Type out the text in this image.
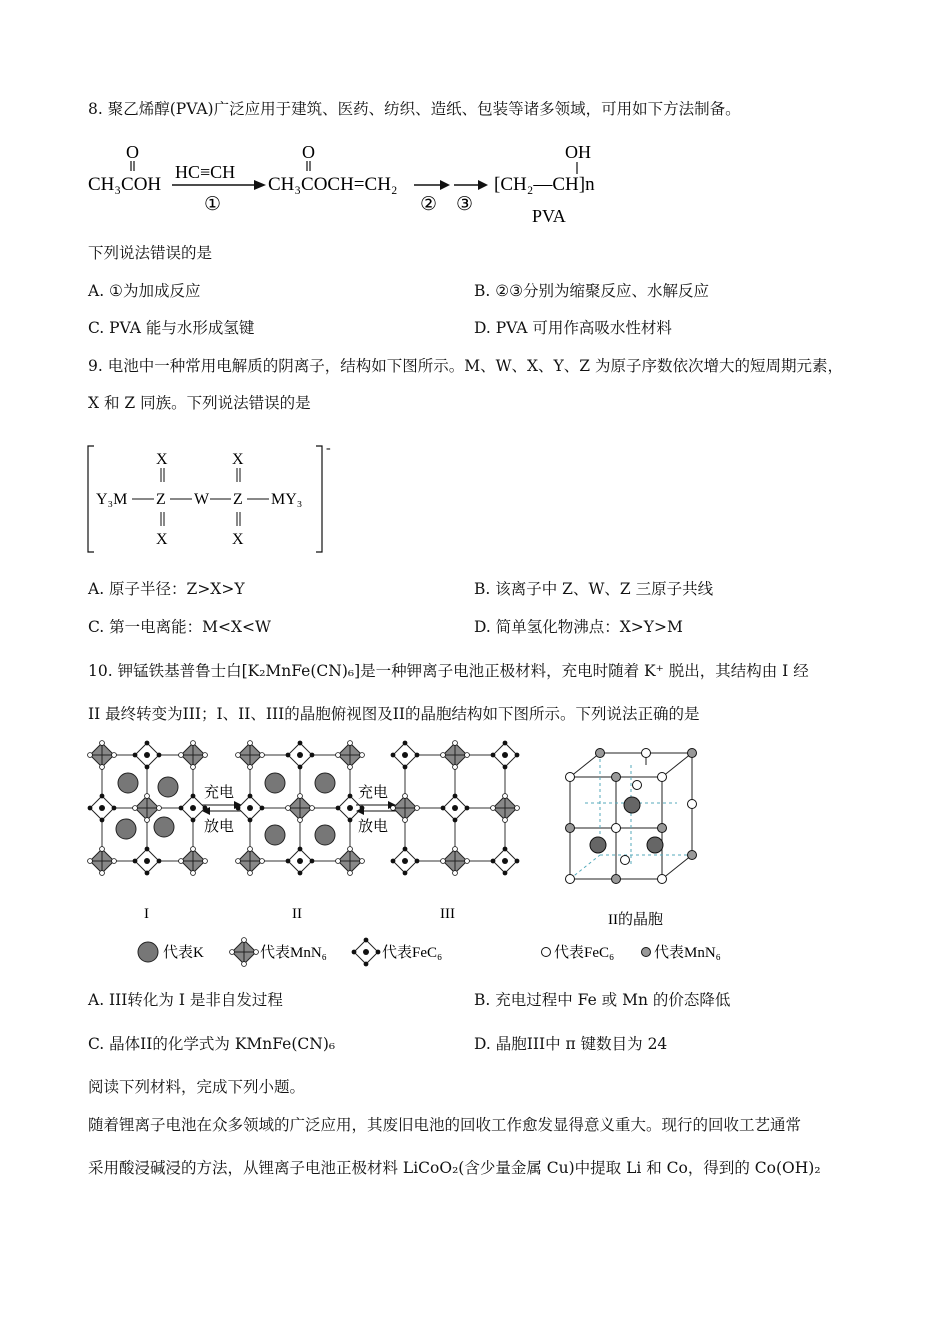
8. 聚乙烯醇(PVA)广泛应用于建筑、医药、纺织、造纸、包装等诸多领域，可用如下方法制备。
O
CH₃COH
HC≡CH
①
O
CH₃COCH=CH₂
② ③
OH
[CH₂—CH]n
PVA
下列说法错误的是
A. ①为加成反应	B. ②③分别为缩聚反应、水解反应
C. PVA 能与水形成氢键	D. PVA 可用作高吸水性材料
9. 电池中一种常用电解质的阴离子，结构如下图所示。M、W、X、Y、Z 为原子序数依次增大的短周期元素，
X 和 Z 同族。下列说法错误的是
-
X	X
Y₃M Z W Z MY₃
X	X
A. 原子半径：Z>X>Y	B. 该离子中 Z、W、Z 三原子共线
C. 第一电离能：M<X<W	D. 简单氢化物沸点：X>Y>M
10. 钾锰铁基普鲁士白[K₂MnFe(CN)₆]是一种钾离子电池正极材料，充电时随着 K⁺ 脱出，其结构由 I 经
II 最终转变为III；I、II、III的晶胞俯视图及II的晶胞结构如下图所示。下列说法正确的是
充电
放电
充电
放电
I	II	III	II的晶胞
代表K	代表MnN₆	代表FeC₆	代表FeC₆	代表MnN₆
A. III转化为 I 是非自发过程	B. 充电过程中 Fe 或 Mn 的价态降低
C. 晶体II的化学式为 KMnFe(CN)₆	D. 晶胞III中 π 键数目为 24
阅读下列材料，完成下列小题。
随着锂离子电池在众多领域的广泛应用，其废旧电池的回收工作愈发显得意义重大。现行的回收工艺通常
采用酸浸碱浸的方法，从锂离子电池正极材料 LiCoO₂(含少量金属 Cu)中提取 Li 和 Co，得到的 Co(OH)₂
